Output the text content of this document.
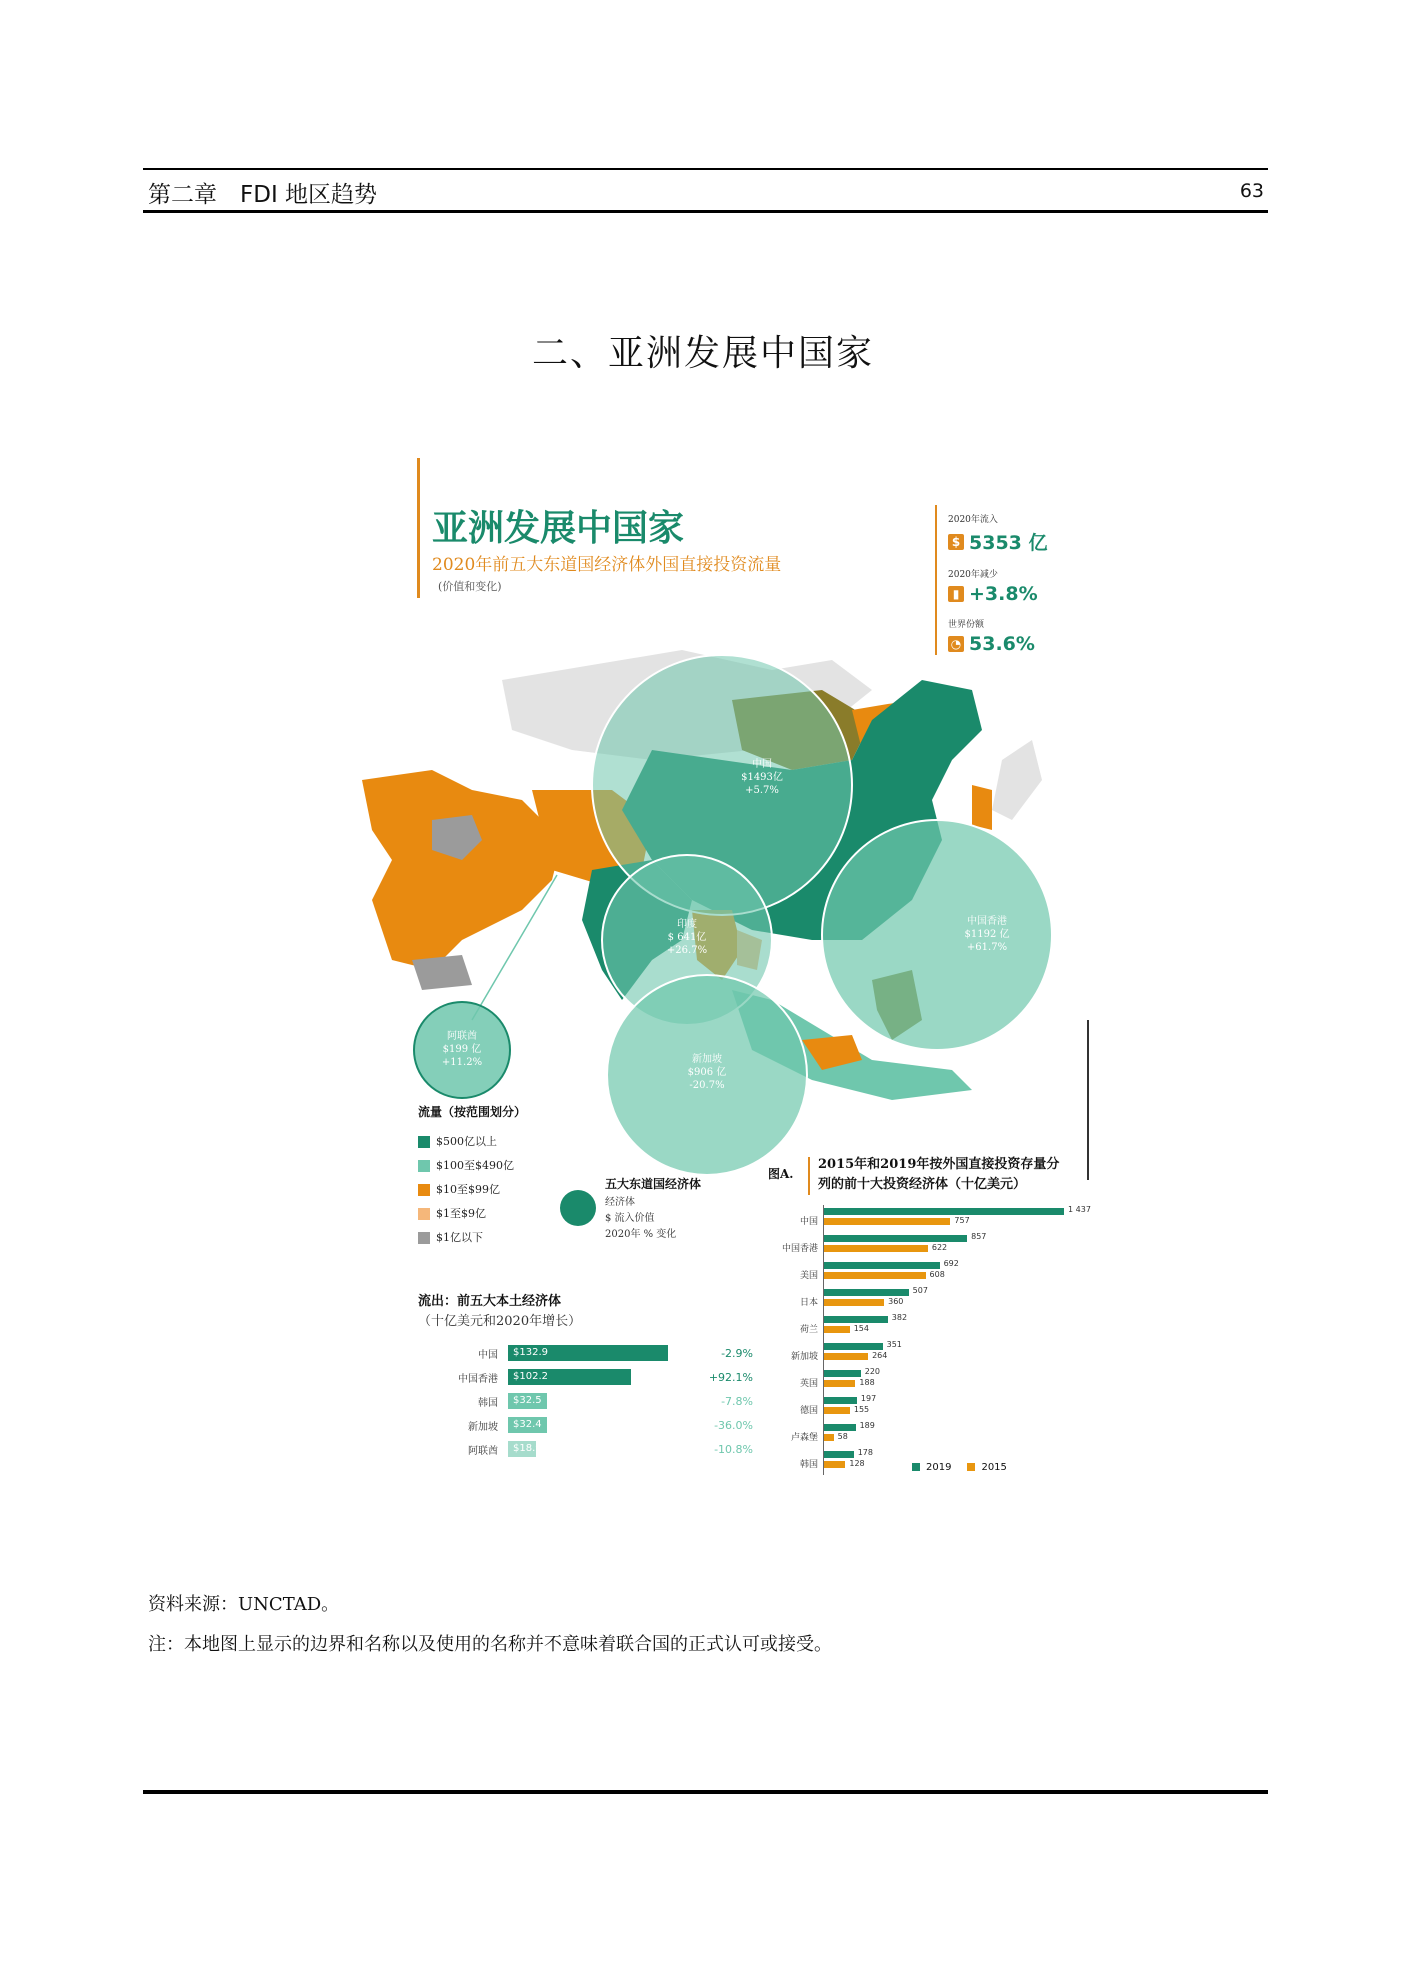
第二章　FDI 地区趋势	63
二、亚洲发展中国家
亚洲发展中国家
2020年前五大东道国经济体外国直接投资流量
(价值和变化)
2020年流入
$ 5353 亿
2020年减少
▮ +3.8%
世界份额
◔ 53.6%
中国
$1493亿
+5.7%
中国香港
$1192 亿
+61.7%
印度
$ 641亿
+26.7%
新加坡
$906 亿
-20.7%
阿联酋
$199 亿
+11.2%
流量（按范围划分）
$500亿以上
$100至$490亿
$10至$99亿
$1至$9亿
$1亿以下
五大东道国经济体
经济体
$ 流入价值
2020年 % 变化
流出：前五大本土经济体
（十亿美元和2020年增长）
中国	$132.9	-2.9%
中国香港	$102.2	+92.1%
韩国	$32.5	-7.8%
新加坡	$32.4	-36.0%
阿联酋	$18.9	-10.8%
图A.
2015年和2019年按外国直接投资存量分
列的前十大投资经济体（十亿美元）
中国
1 437
757
中国香港
857
622
美国
692
608
日本
507
360
荷兰
382
154
新加坡
351
264
英国
220
188
德国
197
155
卢森堡
189
58
韩国
178
128	2019	2015
资料来源：UNCTAD。
注：本地图上显示的边界和名称以及使用的名称并不意味着联合国的正式认可或接受。
